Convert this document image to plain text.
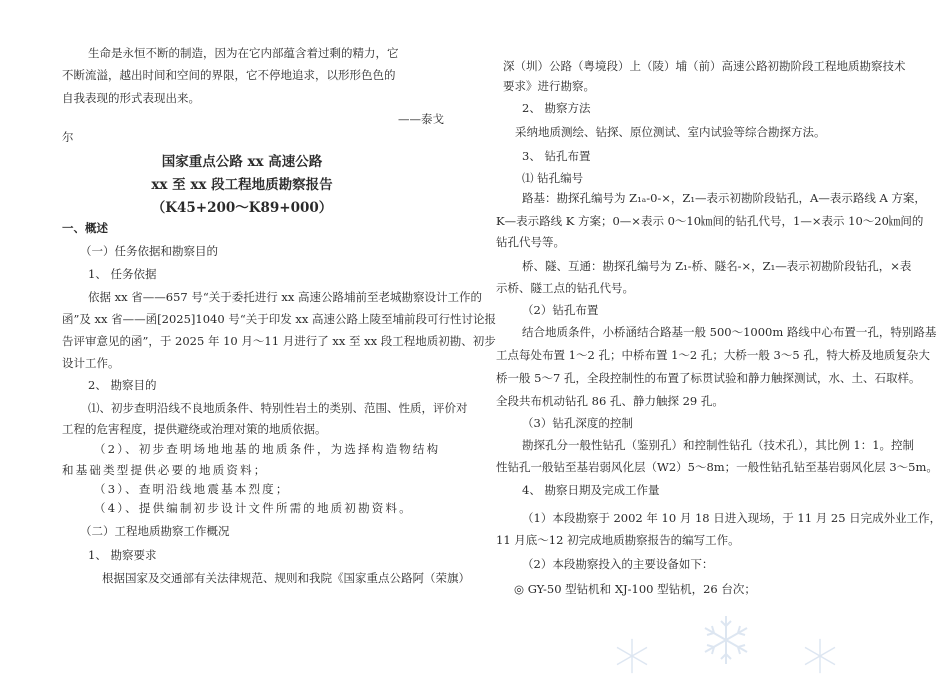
生命是永恒不断的制造，因为在它内部蕴含着过剩的精力，它
不断流溢，越出时间和空间的界限，它不停地追求，以形形色色的
自我表现的形式表现出来。
——泰戈
尔
国家重点公路 xx 高速公路
xx 至 xx 段工程地质勘察报告
（K45+200～K89+000）
一、概述
（一）任务依据和勘察目的
1、 任务依据
依据 xx 省——657 号“关于委托进行 xx 高速公路埔前至老城勘察设计工作的
函”及 xx 省——函[2025]1040 号“关于印发 xx 高速公路上陵至埔前段可行性讨论报
告评审意见的函”，于 2025 年 10 月～11 月进行了 xx 至 xx 段工程地质初勘、初步
设计工作。
2、 勘察目的
⑴、初步查明沿线不良地质条件、特别性岩土的类别、范围、性质，评价对
工程的危害程度，提供避绕或治理对策的地质依据。
（2）、初步查明场地地基的地质条件，为选择构造物结构
和基础类型提供必要的地质资料；
（3）、查明沿线地震基本烈度；
（4）、提供编制初步设计文件所需的地质初勘资料。
（二）工程地质勘察工作概况
1、 勘察要求
根据国家及交通部有关法律规范、规则和我院《国家重点公路阿（荣旗）
深（圳）公路（粤境段）上（陵）埔（前）高速公路初勘阶段工程地质勘察技术
要求》进行勘察。
2、 勘察方法
采纳地质测绘、钻探、原位测试、室内试验等综合勘探方法。
3、 钻孔布置
⑴ 钻孔编号
路基：勘探孔编号为 Z₁ₐ-0-×，Z₁—表示初勘阶段钻孔，A—表示路线 A 方案，
K—表示路线 K 方案；0—×表示 0～10㎞间的钻孔代号，1—×表示 10～20㎞间的
钻孔代号等。
桥、隧、互通：勘探孔编号为 Z₁-桥、隧名-×，Z₁—表示初勘阶段钻孔，×表
示桥、隧工点的钻孔代号。
（2）钻孔布置
结合地质条件，小桥涵结合路基一般 500～1000m 路线中心布置一孔，特别路基
工点每处布置 1～2 孔；中桥布置 1～2 孔；大桥一般 3～5 孔，特大桥及地质复杂大
桥一般 5～7 孔，全段控制性的布置了标贯试验和静力触探测试，水、土、石取样。
全段共布机动钻孔 86 孔、静力触探 29 孔。
（3）钻孔深度的控制
勘探孔分一般性钻孔（鉴别孔）和控制性钻孔（技术孔），其比例 1：1。控制
性钻孔一般钻至基岩弱风化层（W2）5～8m；一般性钻孔钻至基岩弱风化层 3～5m。
4、 勘察日期及完成工作量
（1）本段勘察于 2002 年 10 月 18 日进入现场，于 11 月 25 日完成外业工作，
11 月底～12 初完成地质勘察报告的编写工作。
（2）本段勘察投入的主要设备如下：
◎ GY-50 型钻机和 XJ-100 型钻机，26 台次；
